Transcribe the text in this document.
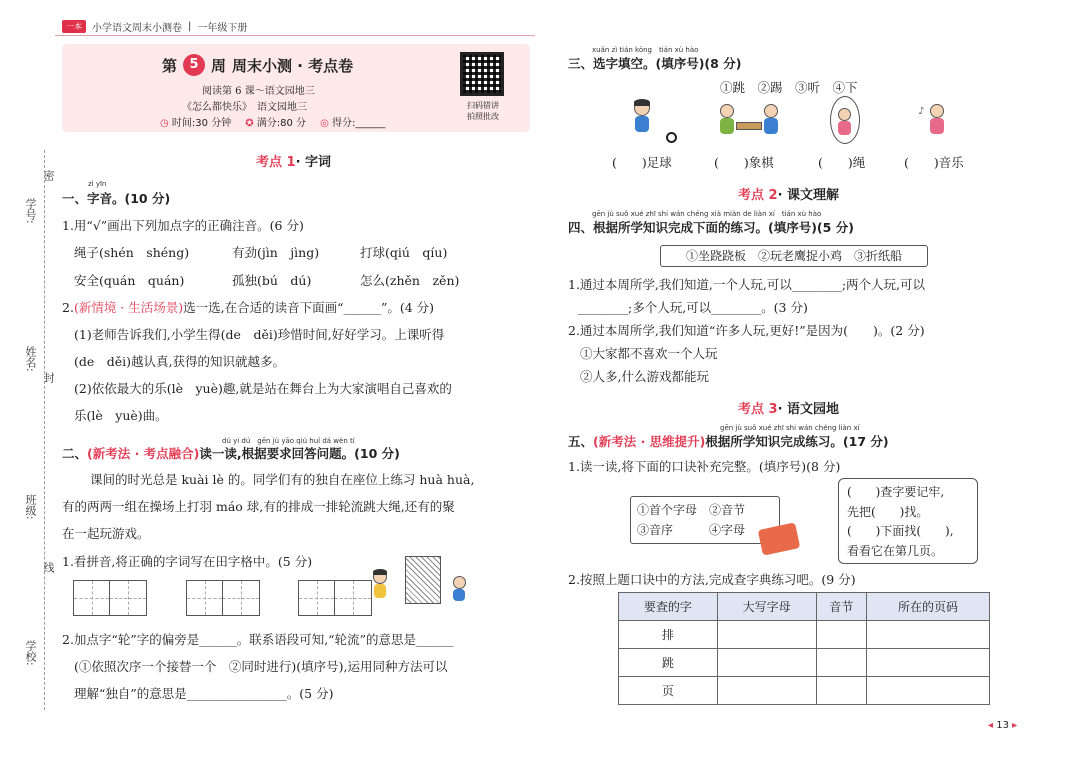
一本	小学语文周末小测卷 | 一年级下册
学号:
密
姓名:
封
班级:
线
学校:
第 5 周 周末小测 · 考点卷
阅读第 6 课～语文园地三
《怎么都快乐》　语文园地三
◷ 时间:30 分钟 ✪ 满分:80 分 ◎ 得分:______
扫码错讲
拍照批改
考点 1· 字词
zì yīn
一、字音。(10 分)
1.用“√”画出下列加点字的正确注音。(6 分)
绳子(shén　shéng)	有劲(jìn　jìng)	打球(qiú　qíu)
安全(quán　quán)	孤独(bú　dú)	怎么(zhěn　zěn)
2.(新情境 · 生活场景)选一选,在合适的读音下面画“______”。(4 分)
(1)老师告诉我们,小学生得(de　děi)珍惜时间,好好学习。上课听得
(de　děi)越认真,获得的知识就越多。
(2)依依最大的乐(lè　yuè)趣,就是站在舞台上为大家演唱自己喜欢的
乐(lè　yuè)曲。
dú yi dú　gēn jù yāo qiú huí dá wèn tí
二、(新考法 · 考点融合)读一读,根据要求回答问题。(10 分)
课间的时光总是 kuài lè 的。同学们有的独自在座位上练习 huà huà,
有的两两一组在操场上打羽 máo 球,有的排成一排轮流跳大绳,还有的聚
在一起玩游戏。
1.看拼音,将正确的字词写在田字格中。(5 分)
2.加点字“轮”字的偏旁是______。联系语段可知,“轮流”的意思是______
(①依照次序一个接替一个　②同时进行)(填序号),运用同种方法可以
理解“独自”的意思是________________。(5 分)
xuǎn zì tián kòng　tián xù hào
三、选字填空。(填序号)(8 分)
①跳　②踢　③听　④下
♪
(　　)足球	(　　)象棋	(　　)绳	(　　)音乐
考点 2· 课文理解
gēn jù suǒ xué zhī shi wán chéng xià miàn de liàn xí　tián xù hào
四、根据所学知识完成下面的练习。(填序号)(5 分)
①坐跷跷板　②玩老鹰捉小鸡　③折纸船
1.通过本周所学,我们知道,一个人玩,可以________;两个人玩,可以
________;多个人玩,可以________。(3 分)
2.通过本周所学,我们知道“许多人玩,更好!”是因为(　　)。(2 分)
①大家都不喜欢一个人玩
②人多,什么游戏都能玩
考点 3· 语文园地
gēn jù suǒ xué zhī shi wán chéng liàn xí
五、(新考法 · 思维提升)根据所学知识完成练习。(17 分)
1.读一读,将下面的口诀补充完整。(填序号)(8 分)
①首个字母　②音节
③音序　　　④字母
(　　)查字要记牢,
先把(　　)找。
(　　)下面找(　　),
看看它在第几页。
2.按照上题口诀中的方法,完成查字典练习吧。(9 分)
要查的字	大写字母	音节	所在的页码
排			
跳			
页			
◂ 13 ▸
